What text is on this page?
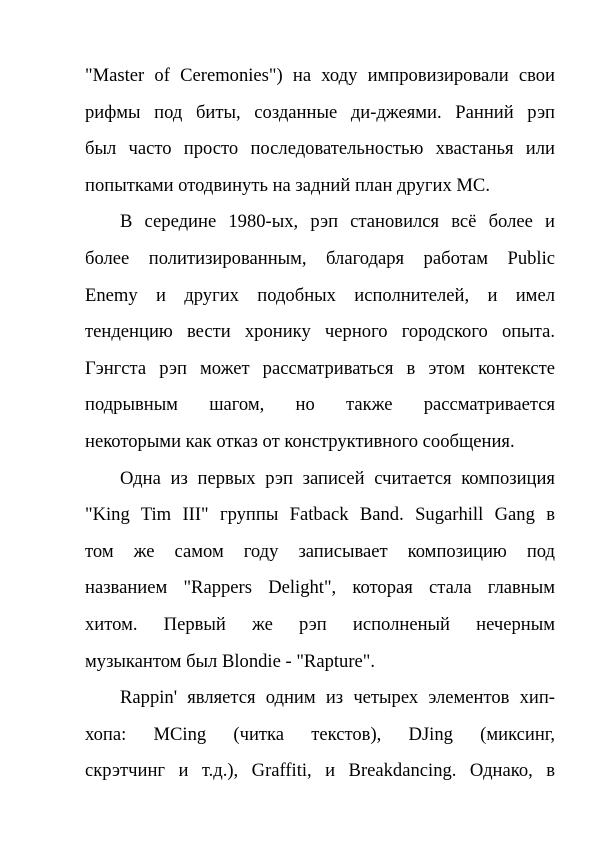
"Master of Ceremonies") на ходу импровизировали свои
рифмы под биты, созданные ди-джеями. Ранний рэп
был часто просто последовательностью хвастанья или
попытками отодвинуть на задний план других МС.
В середине 1980-ых, рэп становился всё более и
более политизированным, благодаря работам Public
Enemy и других подобных исполнителей, и имел
тенденцию вести хронику черного городского опыта.
Гэнгста рэп может рассматриваться в этом контексте
подрывным шагом, но также рассматривается
некоторыми как отказ от конструктивного сообщения.
Одна из первых рэп записей считается композиция
"King Tim III" группы Fatback Band. Sugarhill Gang в
том же самом году записывает композицию под
названием "Rappers Delight", которая стала главным
хитом. Первый же рэп исполненый нечерным
музыкантом был Blondie - "Rapture".
Rappin' является одним из четырех элементов хип-
хопа: MCing (читка текстов), DJing (миксинг,
скрэтчинг и т.д.), Graffiti, и Breakdancing. Однако, в
